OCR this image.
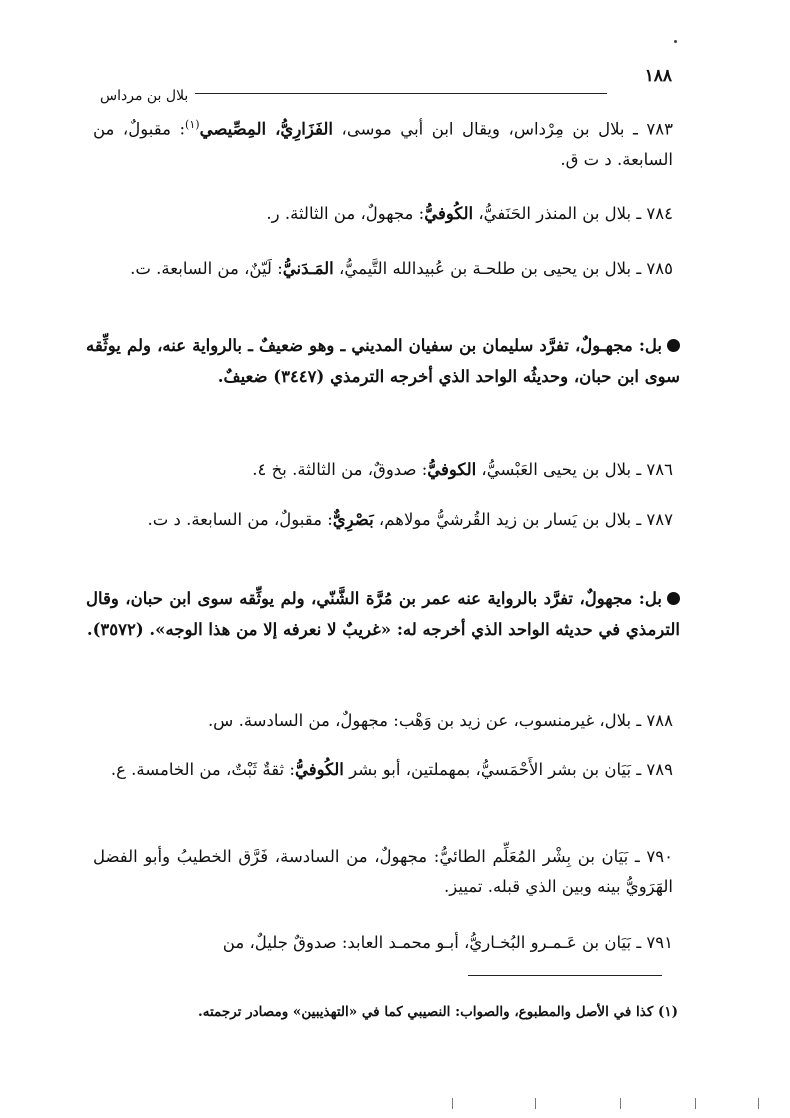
١٨٨
بلال بن مرداس
٧٨٣ ـ بلال بن مِرْداس، ويقال ابن أبي موسى، الفَزَارِيُّ، المِصِّيصي$^{(١)}$: مقبولٌ، من السابعة. د ت ق.
٧٨٤ ـ بلال بن المنذر الحَنَفيُّ، الكُوفيُّ: مجهولٌ، من الثالثة. ر.
٧٨٥ ـ بلال بن يحيى بن طلحـة بن عُبيدالله التَّيميُّ، المَـدَنيُّ: لَيّنٌ، من السابعة. ت.
بل: مجهـولٌ، تفرَّد سليمان بن سفيان المديني ـ وهو ضعيفٌ ـ بالرواية عنه، ولم يوثِّقه سوى ابن حبان، وحديثُه الواحد الذي أخرجه الترمذي (٣٤٤٧) ضعيفٌ.
٧٨٦ ـ بلال بن يحيى العَبْسيُّ، الكوفيُّ: صدوقٌ، من الثالثة. بخ ٤.
٧٨٧ ـ بلال بن يَسار بن زيد القُرشيُّ مولاهم، بَصْرِيٌّ: مقبولٌ، من السابعة. د ت.
بل: مجهولٌ، تفرَّد بالرواية عنه عمر بن مُرَّة الشَّنّي، ولم يوثِّقه سوى ابن حبان، وقال الترمذي في حديثه الواحد الذي أخرجه له: «غريبٌ لا نعرفه إلا من هذا الوجه». (٣٥٧٢).
٧٨٨ ـ بلال، غيرمنسوب، عن زيد بن وَهْب: مجهولٌ، من السادسة. س.
٧٨٩ ـ بَيَان بن بشر الأَحْمَسيُّ، بمهملتين، أبو بشر الكُوفيُّ: ثقةٌ ثَبْتٌ، من الخامسة. ع.
٧٩٠ ـ بَيَان بن بِشْر المُعَلِّم الطائيُّ: مجهولٌ، من السادسة، فَرَّق الخطيبُ وأبو الفضل الهَرَويُّ بينه وبين الذي قبله. تمييز.
٧٩١ ـ بَيَان بن عَـمـرو البُخـاريُّ، أبـو محمـد العابد: صدوقٌ جليلٌ، من
(١) كذا في الأصل والمطبوع، والصواب: النصيبي كما في «التهذيبين» ومصادر ترجمته.
